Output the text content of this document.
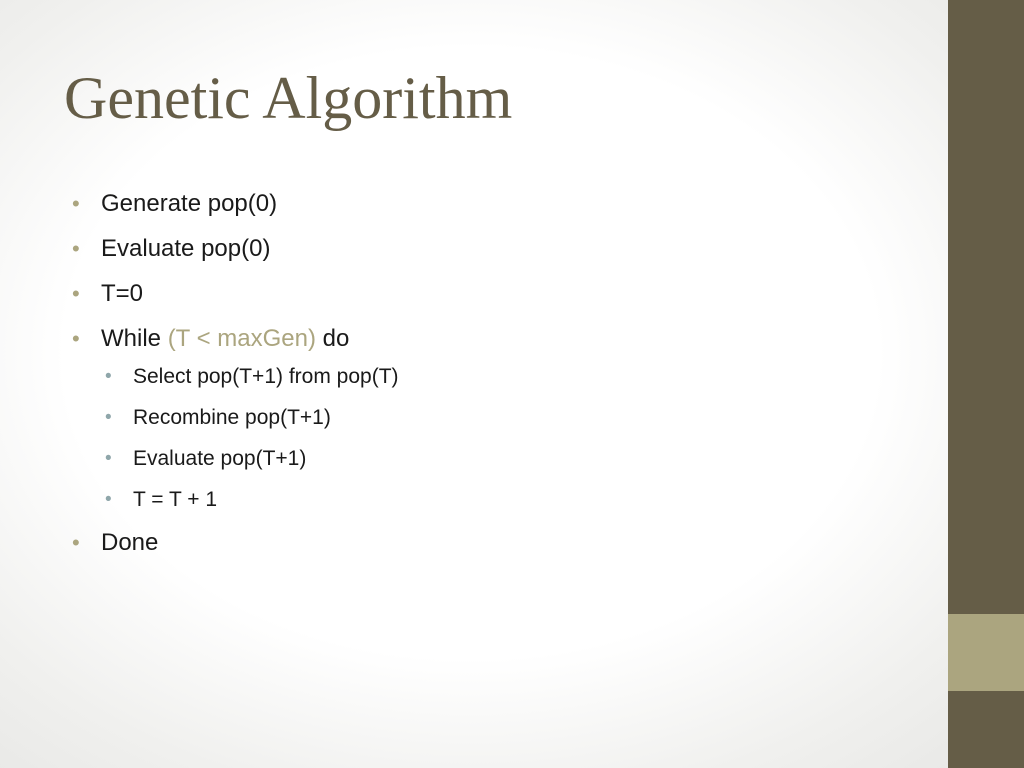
Genetic Algorithm
• Generate pop(0)
• Evaluate pop(0)
• T=0
• While (T < maxGen) do
• Select pop(T+1) from pop(T)
• Recombine pop(T+1)
• Evaluate pop(T+1)
• T = T + 1
• Done
